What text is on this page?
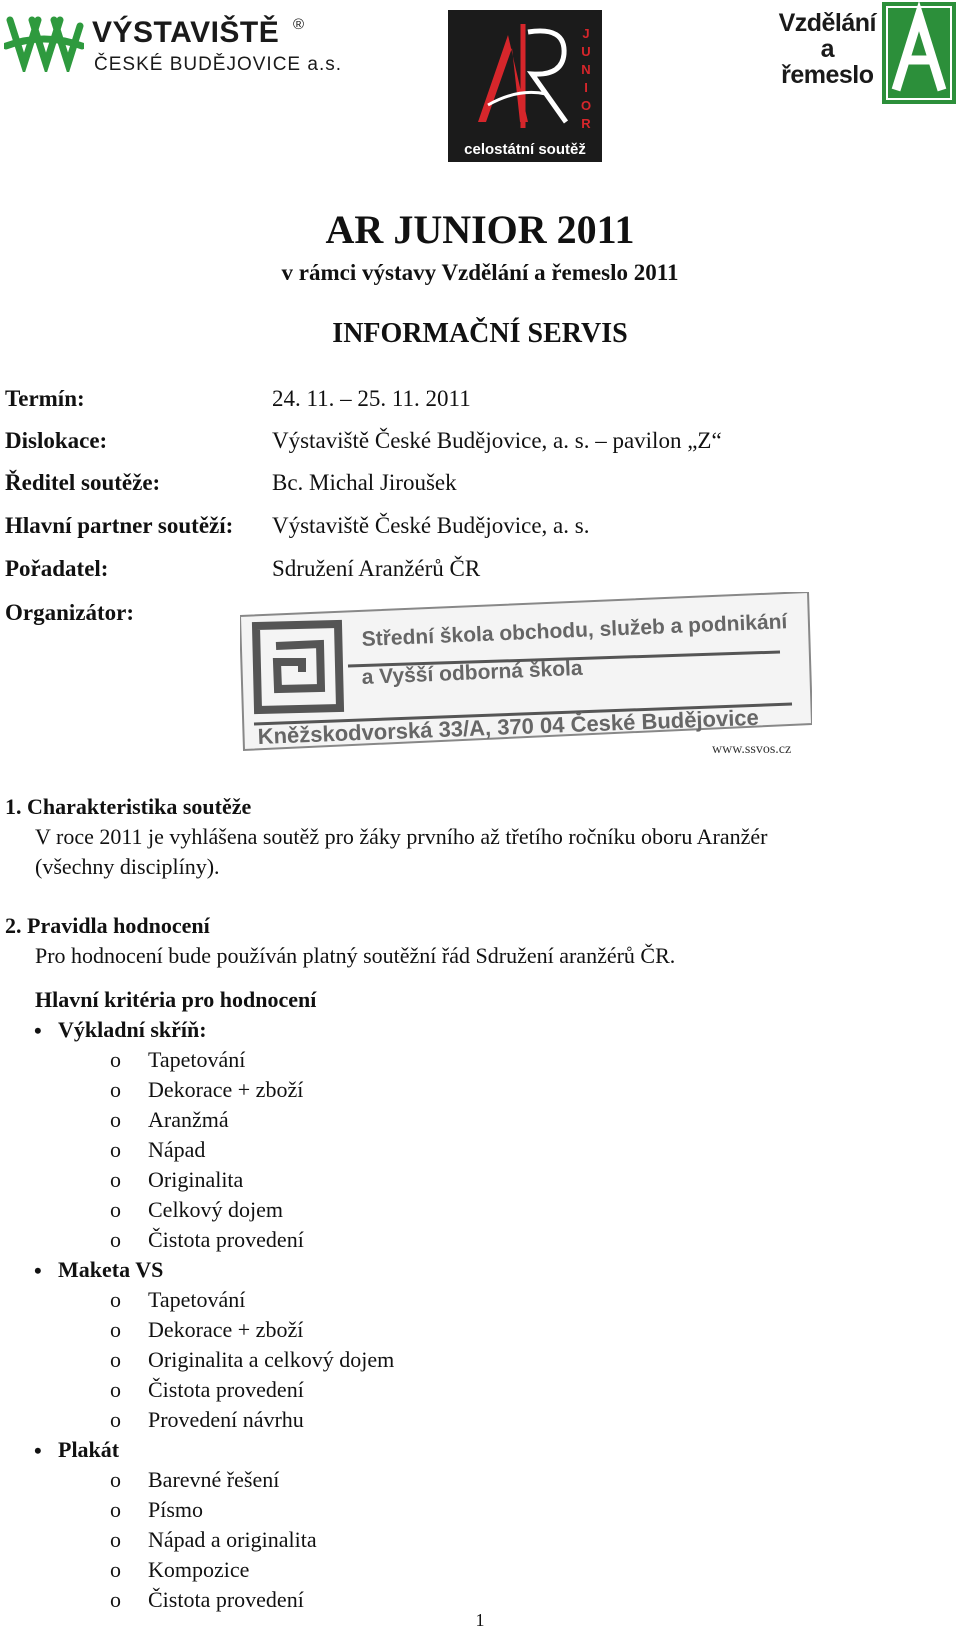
VÝSTAVIŠTĚ ®
ČESKÉ BUDĚJOVICE a.s.
J
U
N
I
O
R
celostátní soutěž
Vzdělání
a
řemeslo
AR JUNIOR 2011
v rámci výstavy Vzdělání a řemeslo 2011
INFORMAČNÍ SERVIS
Termín:	24. 11. – 25. 11. 2011
Dislokace:	Výstaviště České Budějovice, a. s. – pavilon „Z“
Ředitel soutěže:	Bc. Michal Jiroušek
Hlavní partner soutěží: Výstaviště České Budějovice, a. s.
Pořadatel:	Sdružení Aranžérů ČR
Organizátor:	Střední škola obchodu, služeb a podnikání
a Vyšší odborná škola
Kněžskodvorská 33/A, 370 04 České Budějovice
www.ssvos.cz
1. Charakteristika soutěže
V roce 2011 je vyhlášena soutěž pro žáky prvního až třetího ročníku oboru Aranžér
(všechny disciplíny).
2. Pravidla hodnocení
Pro hodnocení bude používán platný soutěžní řád Sdružení aranžérů ČR.
Hlavní kritéria pro hodnocení
• Výkladní skříň:
o Tapetování
o Dekorace + zboží
o Aranžmá
o Nápad
o Originalita
o Celkový dojem
o Čistota provedení
• Maketa VS
o Tapetování
o Dekorace + zboží
o Originalita a celkový dojem
o Čistota provedení
o Provedení návrhu
• Plakát
o Barevné řešení
o Písmo
o Nápad a originalita
o Kompozice
o Čistota provedení
1
